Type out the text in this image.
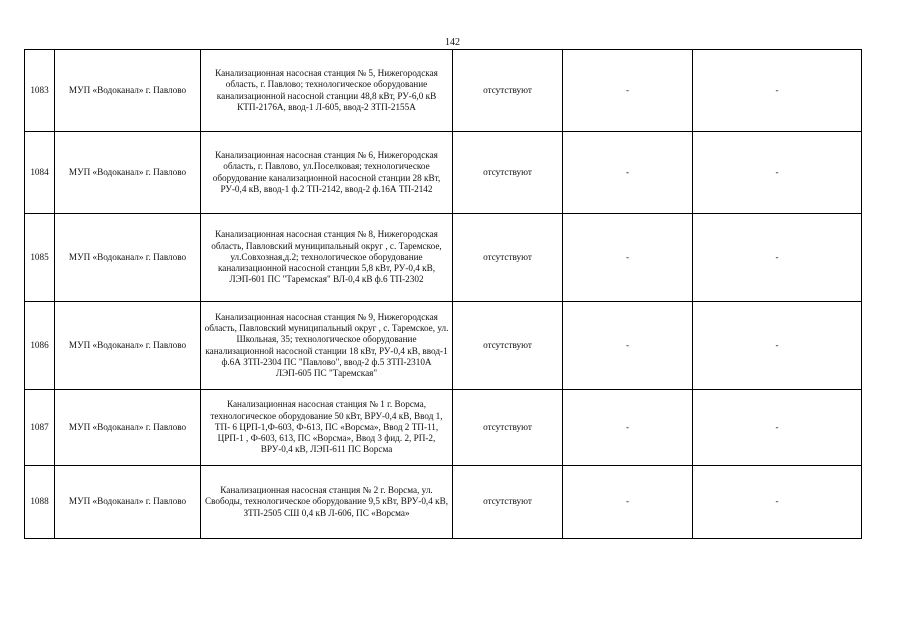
142
1083	МУП «Водоканал» г. Павлово	Канализационная насосная станция № 5, Нижегородская область, г. Павлово; технологическое оборудование канализационной насосной станции 48,8 кВт, РУ-6,0 кВ КТП-2176А, ввод-1 Л-605, ввод-2 ЗТП-2155А	отсутствуют	-	-
1084	МУП «Водоканал» г. Павлово	Канализационная насосная станция № 6, Нижегородская область, г. Павлово, ул.Поселковая; технологическое оборудование канализационной насосной станции 28 кВт, РУ-0,4 кВ, ввод-1 ф.2 ТП-2142, ввод-2 ф.16А ТП-2142	отсутствуют	-	-
1085	МУП «Водоканал» г. Павлово	Канализационная насосная станция № 8, Нижегородская область, Павловский муниципальный округ , с. Таремское, ул.Совхозная,д.2; технологическое оборудование канализационной насосной станции 5,8 кВт, РУ-0,4 кВ, ЛЭП-601 ПС "Таремская" ВЛ-0,4 кВ ф.6 ТП-2302	отсутствуют	-	-
1086	МУП «Водоканал» г. Павлово	Канализационная насосная станция № 9, Нижегородская область, Павловский муниципальный округ , с. Таремское, ул. Школьная, 35; технологическое оборудование канализационной насосной станции 18 кВт, РУ-0,4 кВ, ввод-1 ф.6А ЗТП-2304 ПС "Павлово", ввод-2 ф.5 ЗТП-2310А ЛЭП-605 ПС "Таремская"	отсутствуют	-	-
1087	МУП «Водоканал» г. Павлово	Канализационная насосная станция № 1 г. Ворсма, технологическое оборудование 50 кВт, ВРУ-0,4 кВ, Ввод 1, ТП- 6 ЦРП-1,Ф-603, Ф-613, ПС «Ворсма», Ввод 2 ТП-11, ЦРП-1 , Ф-603, 613, ПС «Ворсма», Ввод 3 фид. 2, РП-2, ВРУ-0,4 кВ, ЛЭП-611 ПС Ворсма	отсутствуют	-	-
1088	МУП «Водоканал» г. Павлово	Канализационная насосная станция № 2 г. Ворсма, ул. Свободы, технологическое оборудование 9,5 кВт, ВРУ-0,4 кВ, ЗТП-2505 СШ 0,4 кВ Л-606, ПС «Ворсма»	отсутствуют	-	-
